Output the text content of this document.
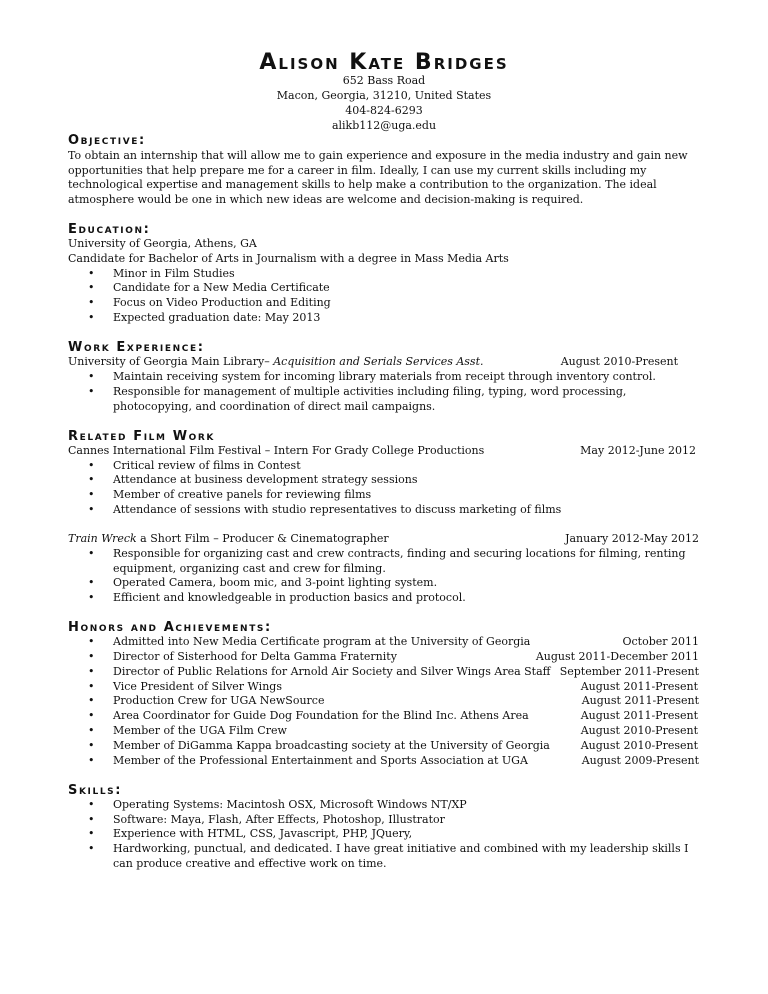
Alison Kate Bridges
652 Bass Road
Macon, Georgia, 31210, United States
404-824-6293
alikb112@uga.edu
Objective:
To obtain an internship that will allow me to gain experience and exposure in the media industry and gain new opportunities that help prepare me for a career in film. Ideally, I can use my current skills including my technological expertise and management skills to help make a contribution to the organization. The ideal atmosphere would be one in which new ideas are welcome and decision-making is required.
Education:
University of Georgia, Athens, GA
Candidate for Bachelor of Arts in Journalism with a degree in Mass Media Arts
• Minor in Film Studies
• Candidate for a New Media Certificate
• Focus on Video Production and Editing
• Expected graduation date: May 2013
Work Experience:
University of Georgia Main Library– Acquisition and Serials Services Asst.	August 2010-Present
• Maintain receiving system for incoming library materials from receipt through inventory control.
• Responsible for management of multiple activities including filing, typing, word processing, photocopying, and coordination of direct mail campaigns.
Related Film Work
Cannes International Film Festival – Intern For Grady College Productions	May 2012-June 2012
• Critical review of films in Contest
• Attendance at business development strategy sessions
• Member of creative panels for reviewing films
• Attendance of sessions with studio representatives to discuss marketing of films
Train Wreck a Short Film – Producer & Cinematographer	January 2012-May 2012
• Responsible for organizing cast and crew contracts, finding and securing locations for filming, renting equipment, organizing cast and crew for filming.
• Operated Camera, boom mic, and 3-point lighting system.
• Efficient and knowledgeable in production basics and protocol.
Honors and Achievements:
• Admitted into New Media Certificate program at the University of Georgia	October 2011
• Director of Sisterhood for Delta Gamma Fraternity	August 2011-December 2011
• Director of Public Relations for Arnold Air Society and Silver Wings Area Staff September 2011-Present
• Vice President of Silver Wings	August 2011-Present
• Production Crew for UGA NewSource	August 2011-Present
• Area Coordinator for Guide Dog Foundation for the Blind Inc. Athens Area	August 2011-Present
• Member of the UGA Film Crew	August 2010-Present
• Member of DiGamma Kappa broadcasting society at the University of Georgia	August 2010-Present
• Member of the Professional Entertainment and Sports Association at UGA	August 2009-Present
Skills:
• Operating Systems: Macintosh OSX, Microsoft Windows NT/XP
• Software: Maya, Flash, After Effects, Photoshop, Illustrator
• Experience with HTML, CSS, Javascript, PHP, JQuery,
• Hardworking, punctual, and dedicated. I have great initiative and combined with my leadership skills I can produce creative and effective work on time.
